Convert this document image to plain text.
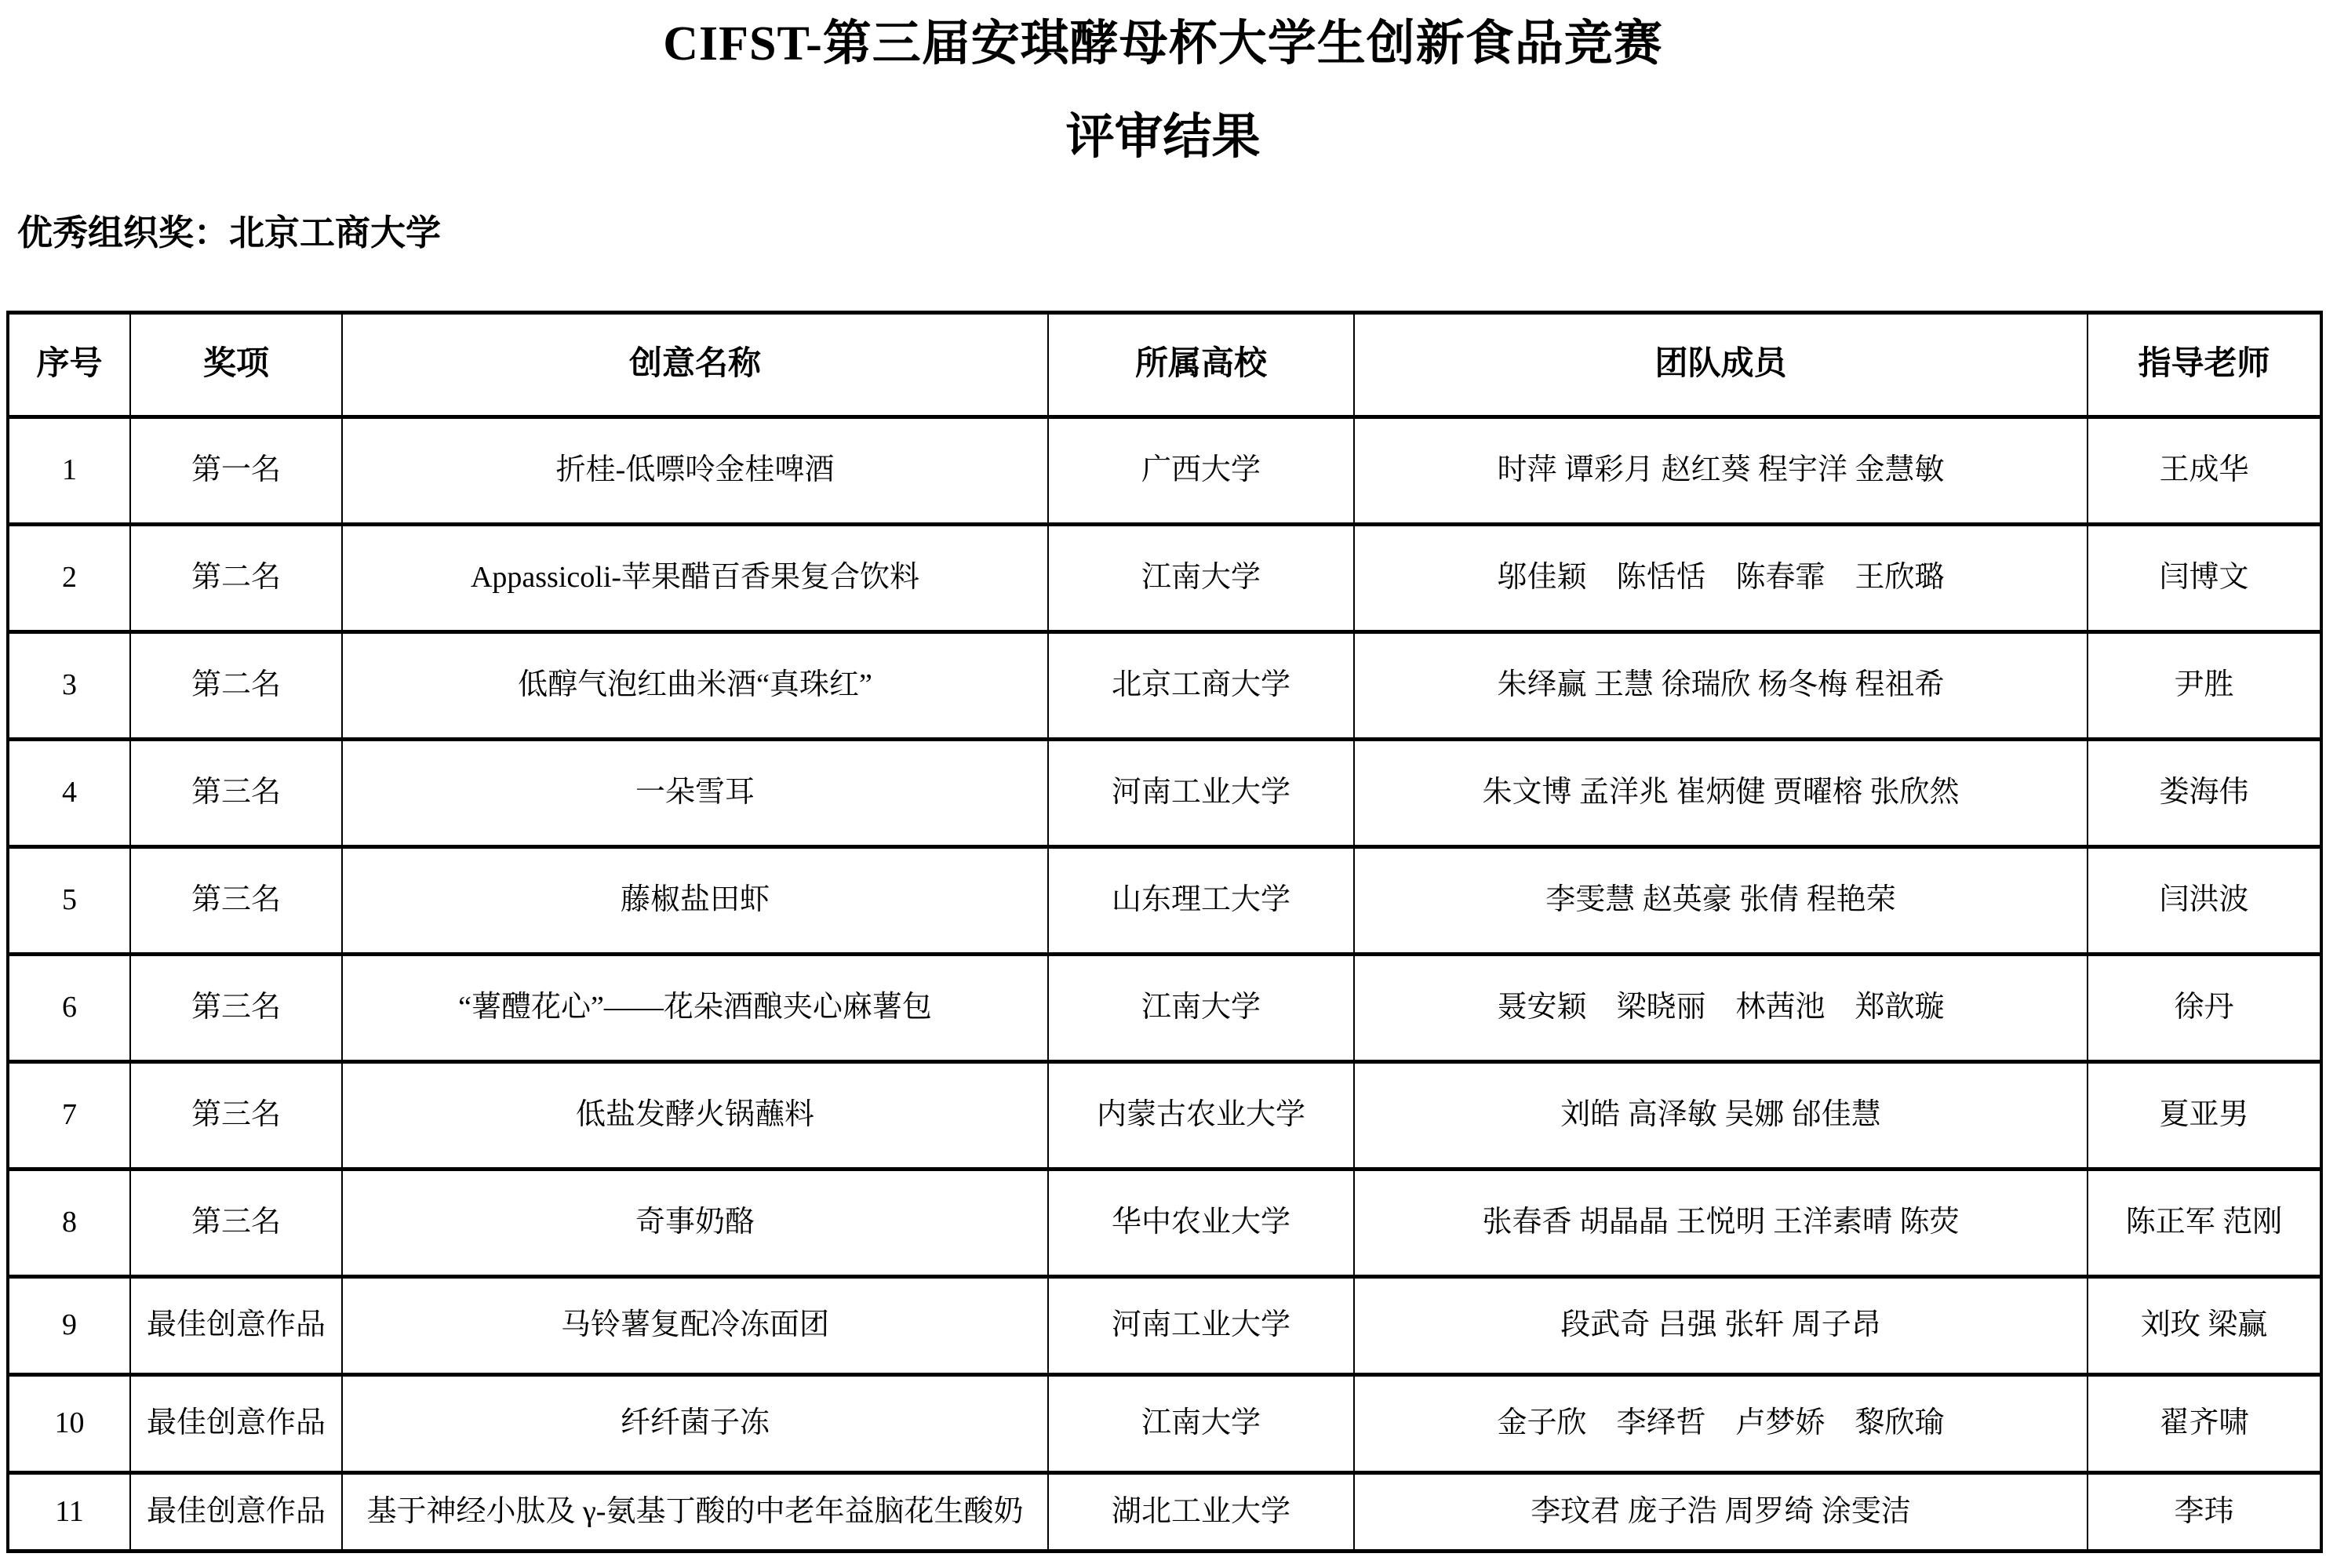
CIFST-第三届安琪酵母杯大学生创新食品竞赛
评审结果

优秀组织奖：北京工商大学

序号	奖项	创意名称	所属高校	团队成员	指导老师
1	第一名	折桂-低嘌呤金桂啤酒	广西大学	时萍 谭彩月 赵红葵 程宇洋 金慧敏	王成华
2	第二名	Appassicoli-苹果醋百香果复合饮料	江南大学	邬佳颖　陈恬恬　陈春霏　王欣璐	闫博文
3	第二名	低醇气泡红曲米酒“真珠红”	北京工商大学	朱绎赢 王慧 徐瑞欣 杨冬梅 程祖希	尹胜
4	第三名	一朵雪耳	河南工业大学	朱文博 孟洋兆 崔炳健 贾曜榕 张欣然	娄海伟
5	第三名	藤椒盐田虾	山东理工大学	李雯慧 赵英豪 张倩 程艳荣	闫洪波
6	第三名	“薯醴花心”——花朵酒酿夹心麻薯包	江南大学	聂安颖　梁晓丽　林茜池　郑歆璇	徐丹
7	第三名	低盐发酵火锅蘸料	内蒙古农业大学	刘皓 高泽敏 吴娜 邰佳慧	夏亚男
8	第三名	奇事奶酪	华中农业大学	张春香 胡晶晶 王悦明 王洋素晴 陈荧	陈正军 范刚
9	最佳创意作品	马铃薯复配冷冻面团	河南工业大学	段武奇 吕强 张轩 周子昂	刘玫 梁赢
10	最佳创意作品	纤纤菌子冻	江南大学	金子欣　李绎哲　卢梦娇　黎欣瑜	翟齐啸
11	最佳创意作品	基于神经小肽及 γ-氨基丁酸的中老年益脑花生酸奶	湖北工业大学	李玟君 庞子浩 周罗绮 涂雯洁	李玮
